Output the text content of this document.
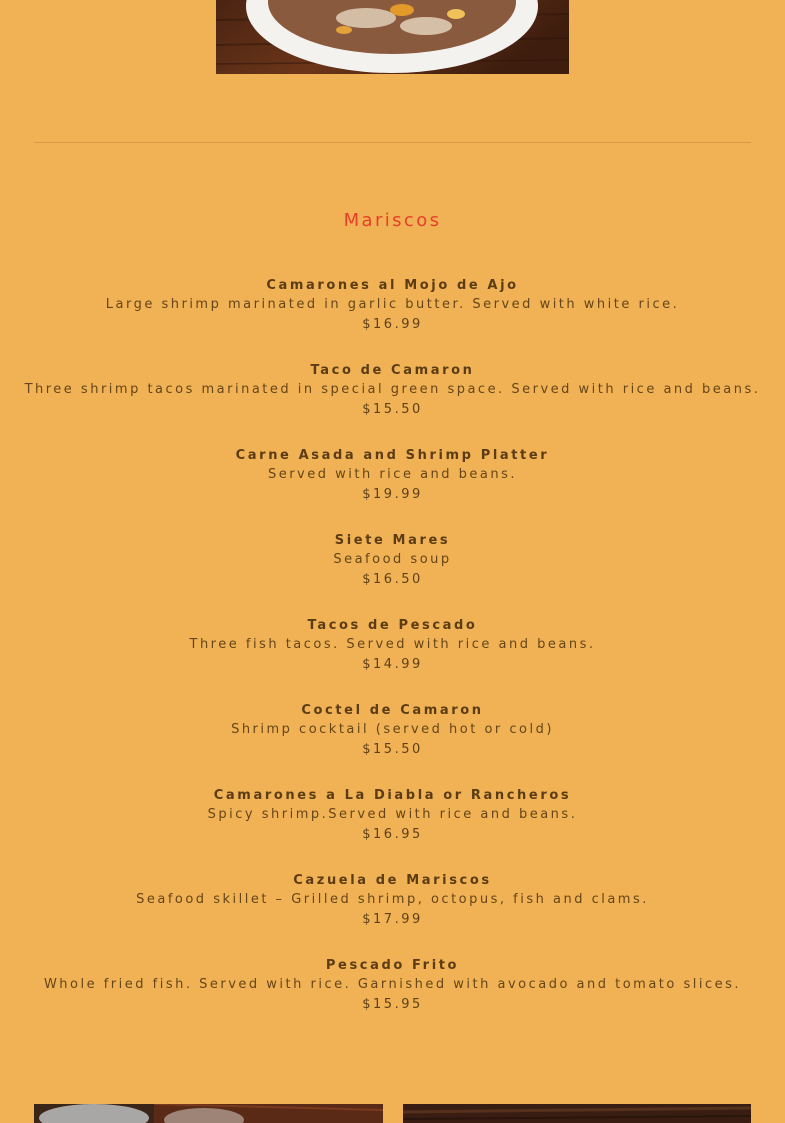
Mariscos
Camarones al Mojo de Ajo
Large shrimp marinated in garlic butter. Served with white rice.
$16.99
Taco de Camaron
Three shrimp tacos marinated in special green space. Served with rice and beans.
$15.50
Carne Asada and Shrimp Platter
Served with rice and beans.
$19.99
Siete Mares
Seafood soup
$16.50
Tacos de Pescado
Three fish tacos. Served with rice and beans.
$14.99
Coctel de Camaron
Shrimp cocktail (served hot or cold)
$15.50
Camarones a La Diabla or Rancheros
Spicy shrimp.Served with rice and beans.
$16.95
Cazuela de Mariscos
Seafood skillet – Grilled shrimp, octopus, fish and clams.
$17.99
Pescado Frito
Whole fried fish. Served with rice. Garnished with avocado and tomato slices.
$15.95
